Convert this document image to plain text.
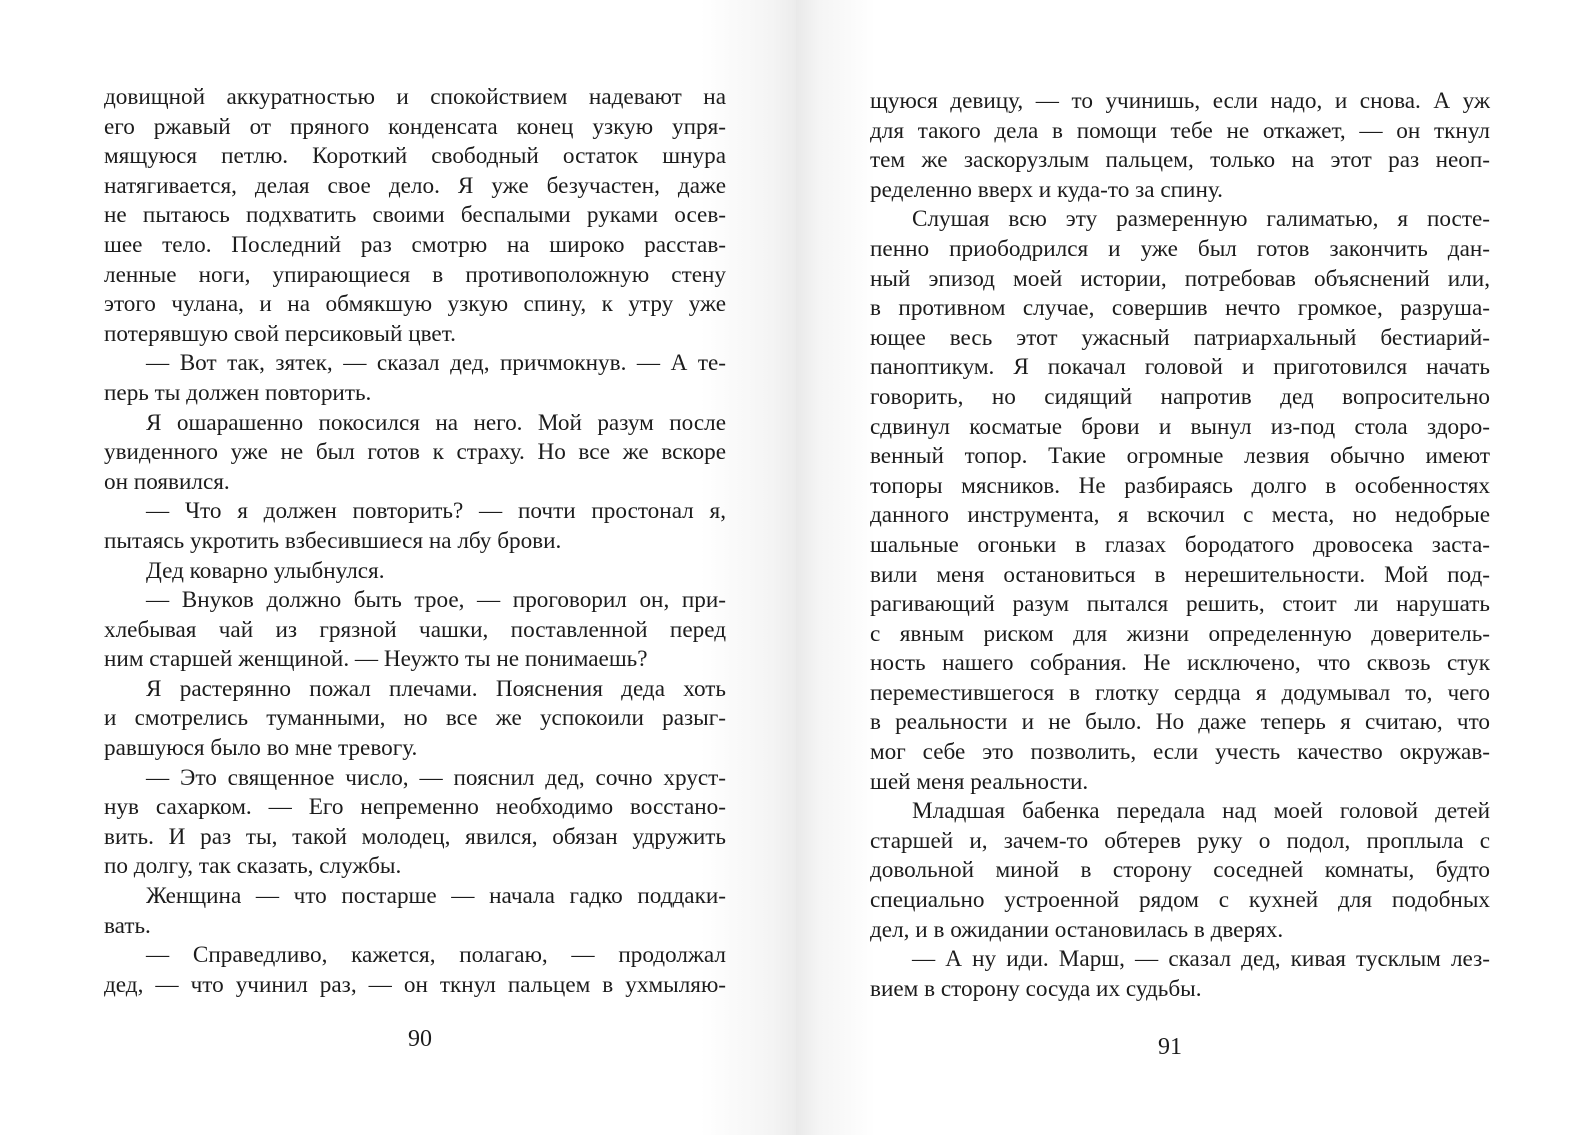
довищной аккуратностью и спокойствием надевают на
его ржавый от пряного конденсата конец узкую упря-
мящуюся петлю. Короткий свободный остаток шнура
натягивается, делая свое дело. Я уже безучастен, даже
не пытаюсь подхватить своими беспалыми руками осев-
шее тело. Последний раз смотрю на широко расстав-
ленные ноги, упирающиеся в противоположную стену
этого чулана, и на обмякшую узкую спину, к утру уже
потерявшую свой персиковый цвет.
— Вот так, зятек, — сказал дед, причмокнув. — А те-
перь ты должен повторить.
Я ошарашенно покосился на него. Мой разум после
увиденного уже не был готов к страху. Но все же вскоре
он появился.
— Что я должен повторить? — почти простонал я,
пытаясь укротить взбесившиеся на лбу брови.
Дед коварно улыбнулся.
— Внуков должно быть трое, — проговорил он, при-
хлебывая чай из грязной чашки, поставленной перед
ним старшей женщиной. — Неужто ты не понимаешь?
Я растерянно пожал плечами. Пояснения деда хоть
и смотрелись туманными, но все же успокоили разыг-
равшуюся было во мне тревогу.
— Это священное число, — пояснил дед, сочно хруст-
нув сахарком. — Его непременно необходимо восстано-
вить. И раз ты, такой молодец, явился, обязан удружить
по долгу, так сказать, службы.
Женщина — что постарше — начала гадко поддаки-
вать.
— Справедливо, кажется, полагаю, — продолжал
дед, — что учинил раз, — он ткнул пальцем в ухмыляю-
90
щуюся девицу, — то учинишь, если надо, и снова. А уж
для такого дела в помощи тебе не откажет, — он ткнул
тем же заскорузлым пальцем, только на этот раз неоп-
ределенно вверх и куда-то за спину.
Слушая всю эту размеренную галиматью, я посте-
пенно приободрился и уже был готов закончить дан-
ный эпизод моей истории, потребовав объяснений или,
в противном случае, совершив нечто громкое, разруша-
ющее весь этот ужасный патриархальный бестиарий-
паноптикум. Я покачал головой и приготовился начать
говорить, но сидящий напротив дед вопросительно
сдвинул косматые брови и вынул из-под стола здоро-
венный топор. Такие огромные лезвия обычно имеют
топоры мясников. Не разбираясь долго в особенностях
данного инструмента, я вскочил с места, но недобрые
шальные огоньки в глазах бородатого дровосека заста-
вили меня остановиться в нерешительности. Мой под-
рагивающий разум пытался решить, стоит ли нарушать
с явным риском для жизни определенную доверитель-
ность нашего собрания. Не исключено, что сквозь стук
переместившегося в глотку сердца я додумывал то, чего
в реальности и не было. Но даже теперь я считаю, что
мог себе это позволить, если учесть качество окружав-
шей меня реальности.
Младшая бабенка передала над моей головой детей
старшей и, зачем-то обтерев руку о подол, проплыла с
довольной миной в сторону соседней комнаты, будто
специально устроенной рядом с кухней для подобных
дел, и в ожидании остановилась в дверях.
— А ну иди. Марш, — сказал дед, кивая тусклым лез-
вием в сторону сосуда их судьбы.
91
